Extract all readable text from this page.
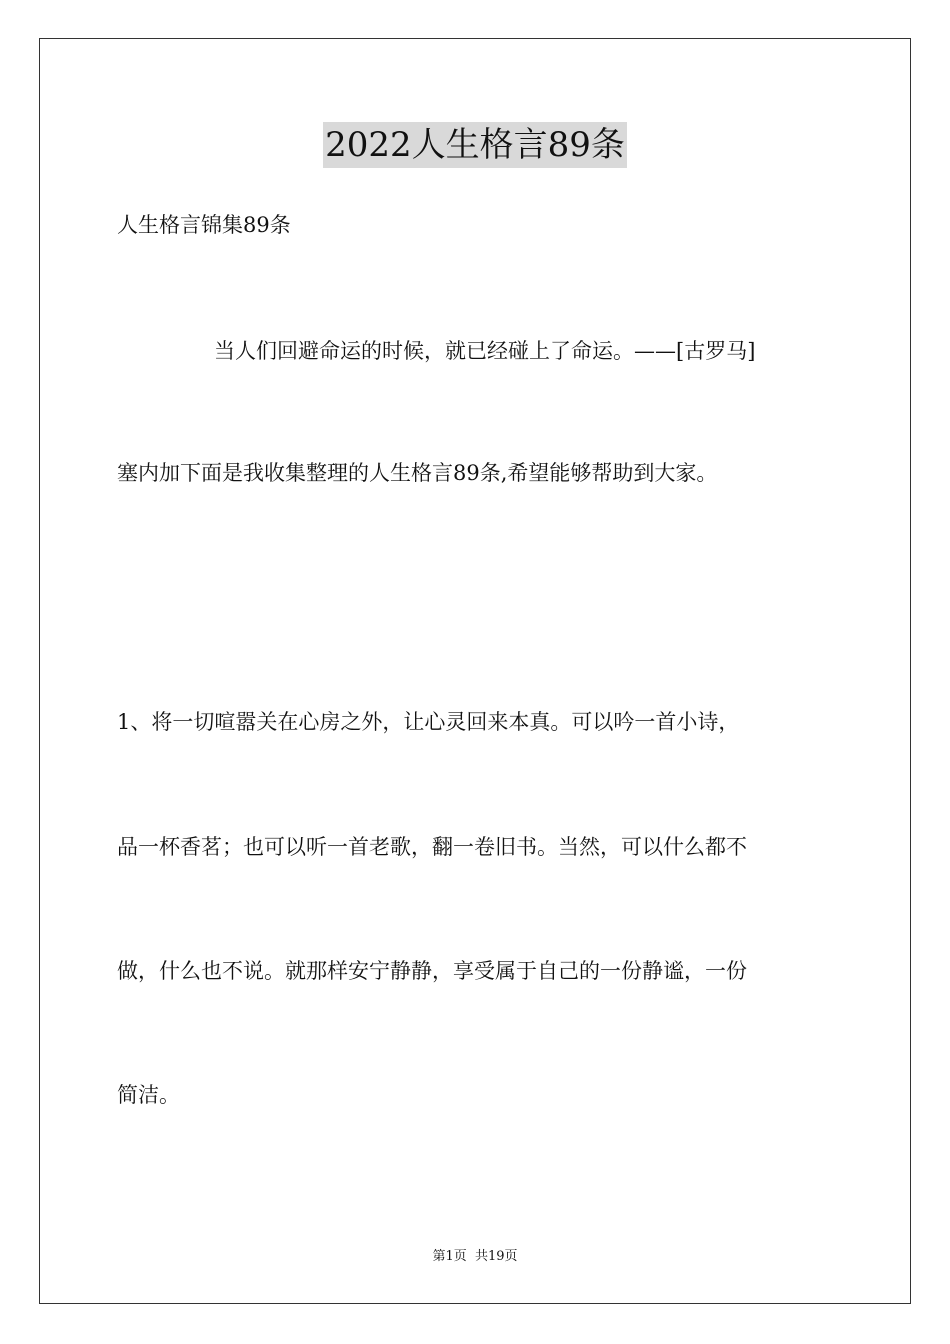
2022人生格言89条
人生格言锦集89条
当人们回避命运的时候，就已经碰上了命运。——[古罗马]
塞内加下面是我收集整理的人生格言89条,希望能够帮助到大家。
1、将一切喧嚣关在心房之外，让心灵回来本真。可以吟一首小诗，
品一杯香茗；也可以听一首老歌，翻一卷旧书。当然，可以什么都不
做，什么也不说。就那样安宁静静，享受属于自己的一份静谧，一份
简洁。
第1页 共19页
